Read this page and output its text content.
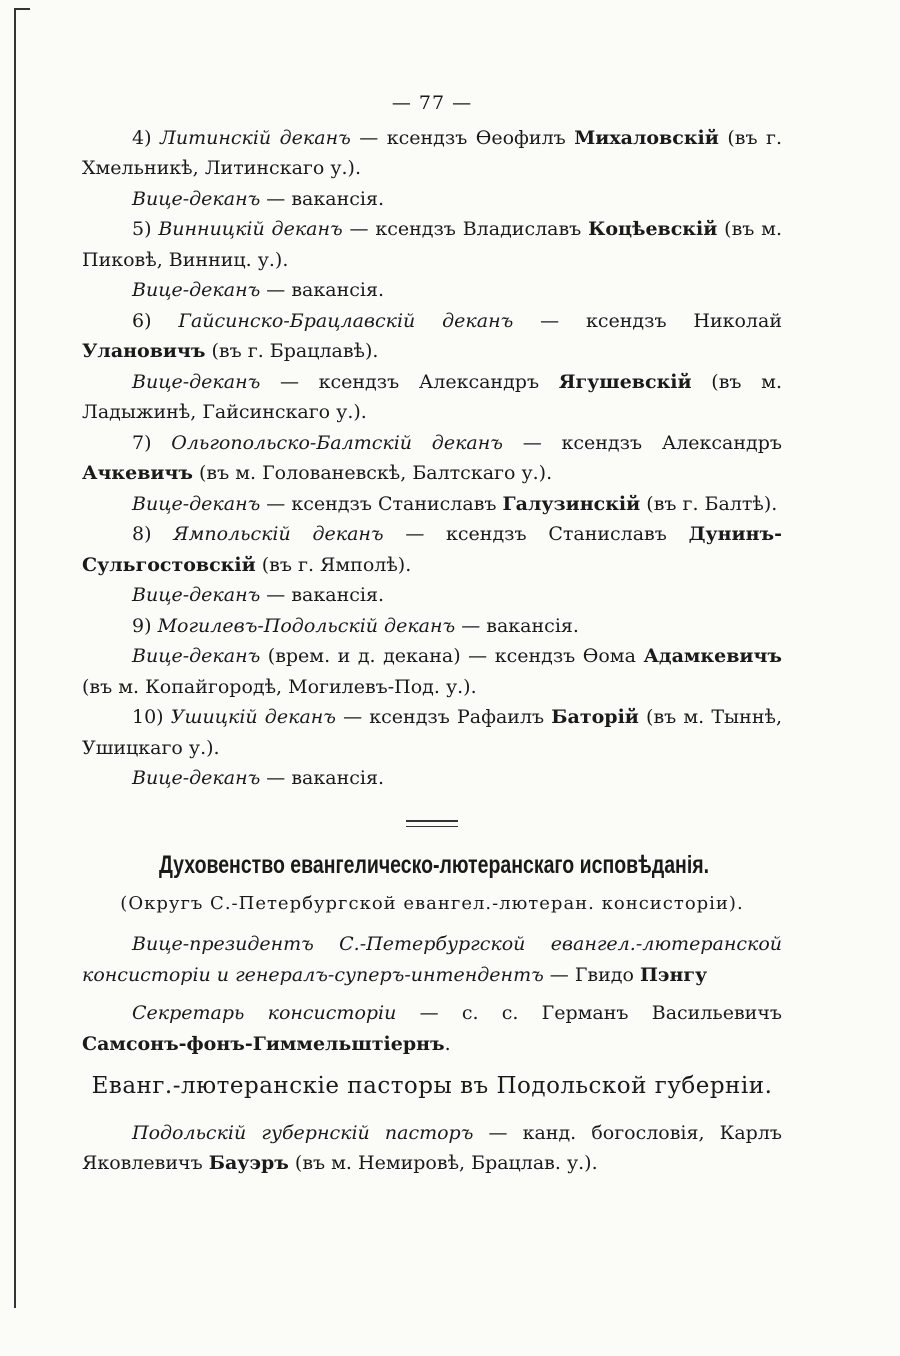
— 77 —

4) Литинскій деканъ — ксендзъ Өеофилъ Михаловскій (въ г. Хмельникѣ, Литинскаго у.).

Вице-деканъ — вакансія.

5) Винницкій деканъ — ксендзъ Владиславъ Коцѣевскій (въ м. Пиковѣ, Винниц. у.).

Вице-деканъ — вакансія.

6) Гайсинско-Брацлавскій деканъ — ксендзъ Николай Улановичъ (въ г. Брацлавѣ).

Вице-деканъ — ксендзъ Александръ Ягушевскій (въ м. Ладыжинѣ, Гайсинскаго у.).

7) Ольгопольско-Балтскій деканъ — ксендзъ Александръ Ачкевичъ (въ м. Голованевскѣ, Балтскаго у.).

Вице-деканъ — ксендзъ Станиславъ Галузинскій (въ г. Балтѣ).

8) Ямпольскій деканъ — ксендзъ Станиславъ Дунинъ-Сульгостовскій (въ г. Ямполѣ).

Вице-деканъ — вакансія.

9) Могилевъ-Подольскій деканъ — вакансія.

Вице-деканъ (врем. и д. декана) — ксендзъ Өома Адамкевичъ (въ м. Копайгородѣ, Могилевъ-Под. у.).

10) Ушицкій деканъ — ксендзъ Рафаилъ Баторій (въ м. Тыннѣ, Ушицкаго у.).

Вице-деканъ — вакансія.

Духовенство евангелическо-лютеранскаго исповѣданія.
(Округъ С.-Петербургской евангел.-лютеран. консисторіи).

Вице-президентъ С.-Петербургской евангел.-лютеранской консисторіи и генералъ-суперъ-интендентъ — Гвидо Пэнгу

Секретарь консисторіи — с. с. Германъ Васильевичъ Самсонъ-фонъ-Гиммельштіернъ.

Еванг.-лютеранскіе пасторы въ Подольской губерніи.

Подольскій губернскій пасторъ — канд. богословія, Карлъ Яковлевичъ Бауэръ (въ м. Немировѣ, Брацлав. у.).
